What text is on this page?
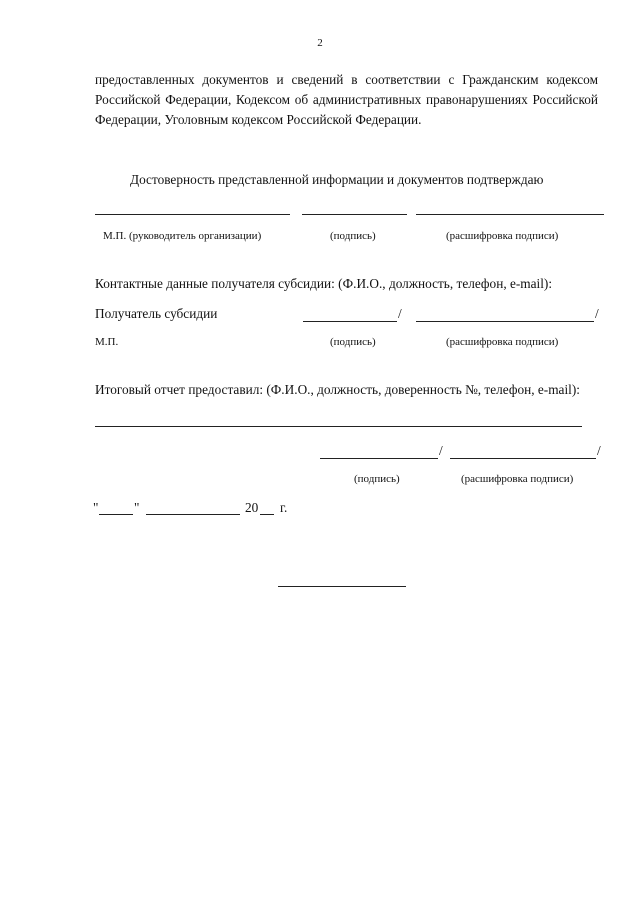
2
предоставленных документов и сведений в соответствии с Гражданским кодексом Российской Федерации, Кодексом об административных правонарушениях Российской Федерации, Уголовным кодексом Российской Федерации.
Достоверность представленной информации и документов подтверждаю
М.П. (руководитель организации)	(подпись)	(расшифровка подписи)
Контактные данные получателя субсидии: (Ф.И.О., должность, телефон, e-mail):
Получатель субсидии	/	/
М.П.	(подпись)	(расшифровка подписи)
Итоговый отчет предоставил: (Ф.И.О., должность, доверенность №, телефон, e-mail):
/	/
(подпись)	(расшифровка подписи)
"	"	20 г.
